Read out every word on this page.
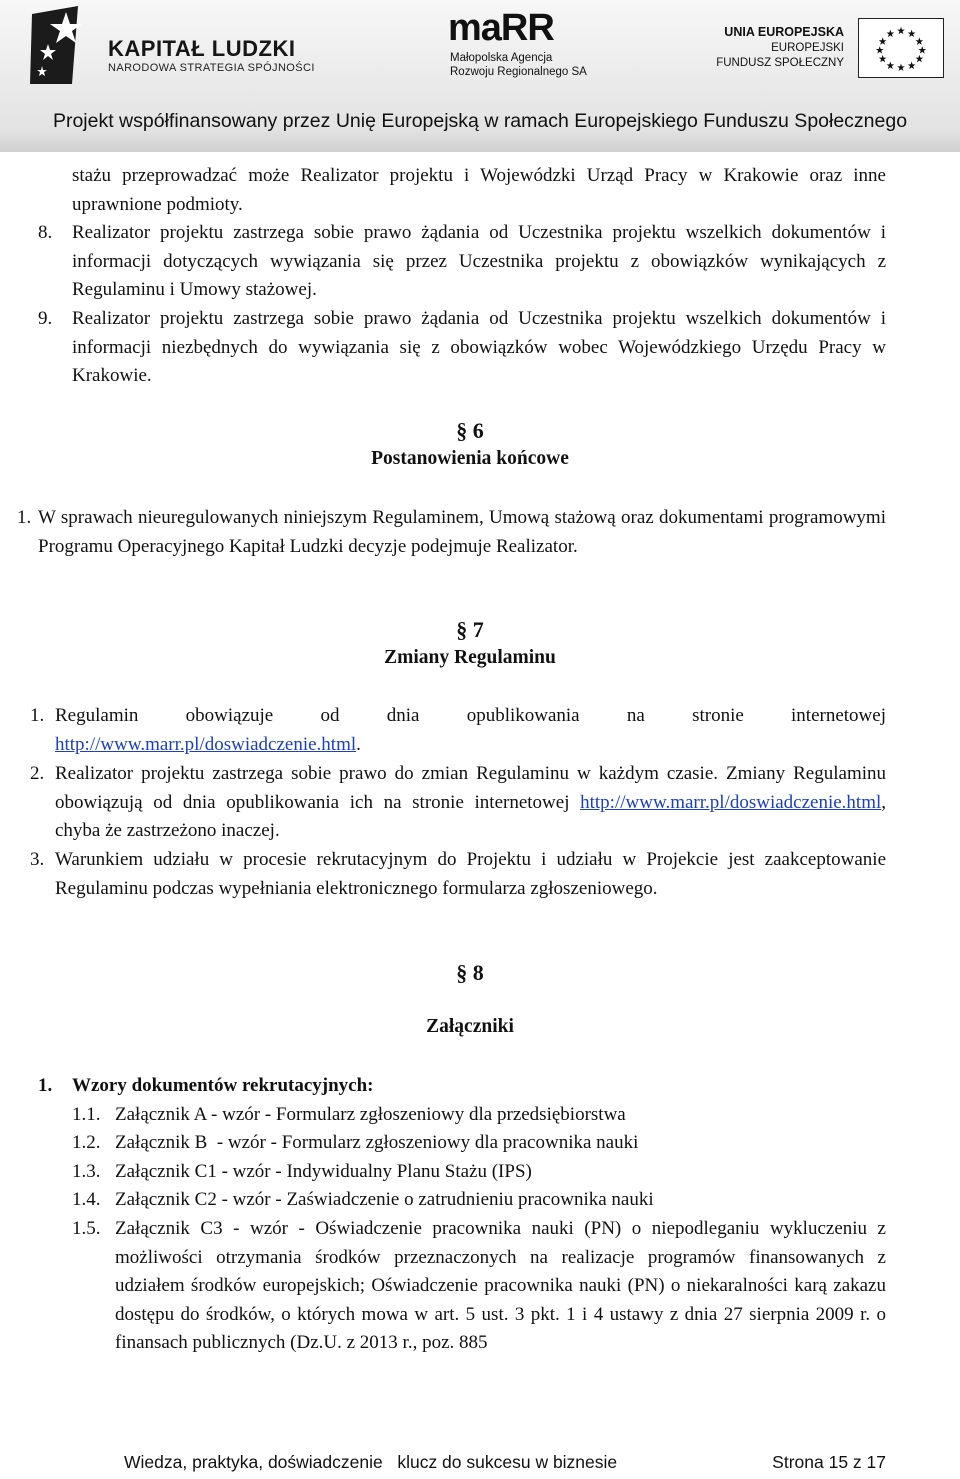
KAPITAŁ LUDZKI
NARODOWA STRATEGIA SPÓJNOŚCI
maRR
Małopolska Agencja
Rozwoju Regionalnego SA
UNIA EUROPEJSKA
EUROPEJSKI
FUNDUSZ SPOŁECZNY
Projekt współfinansowany przez Unię Europejską w ramach Europejskiego Funduszu Społecznego
stażu przeprowadzać może Realizator projektu i Wojewódzki Urząd Pracy w Krakowie oraz inne uprawnione podmioty.
8. Realizator projektu zastrzega sobie prawo żądania od Uczestnika projektu wszelkich dokumentów i informacji dotyczących wywiązania się przez Uczestnika projektu z obowiązków wynikających z Regulaminu i Umowy stażowej.
9. Realizator projektu zastrzega sobie prawo żądania od Uczestnika projektu wszelkich dokumentów i informacji niezbędnych do wywiązania się z obowiązków wobec Wojewódzkiego Urzędu Pracy w Krakowie.
§ 6
Postanowienia końcowe
1. W sprawach nieuregulowanych niniejszym Regulaminem, Umową stażową oraz dokumentami programowymi Programu Operacyjnego Kapitał Ludzki decyzje podejmuje Realizator.
§ 7
Zmiany Regulaminu
1. Regulamin obowiązuje od dnia opublikowania na stronie internetowej
http://www.marr.pl/doswiadczenie.html.
2. Realizator projektu zastrzega sobie prawo do zmian Regulaminu w każdym czasie. Zmiany Regulaminu obowiązują od dnia opublikowania ich na stronie internetowej http://www.marr.pl/doswiadczenie.html, chyba że zastrzeżono inaczej.
3. Warunkiem udziału w procesie rekrutacyjnym do Projektu i udziału w Projekcie jest zaakceptowanie Regulaminu podczas wypełniania elektronicznego formularza zgłoszeniowego.
§ 8
Załączniki
1. Wzory dokumentów rekrutacyjnych:
1.1. Załącznik A - wzór - Formularz zgłoszeniowy dla przedsiębiorstwa
1.2. Załącznik B  - wzór - Formularz zgłoszeniowy dla pracownika nauki
1.3. Załącznik C1 - wzór - Indywidualny Planu Stażu (IPS)
1.4. Załącznik C2 - wzór - Zaświadczenie o zatrudnieniu pracownika nauki
1.5. Załącznik C3 - wzór - Oświadczenie pracownika nauki (PN) o niepodleganiu wykluczeniu z możliwości otrzymania środków przeznaczonych na realizacje programów finansowanych z udziałem środków europejskich; Oświadczenie pracownika nauki (PN) o niekaralności karą zakazu dostępu do środków, o których mowa w art. 5 ust. 3 pkt. 1 i 4 ustawy z dnia 27 sierpnia 2009 r. o finansach publicznych (Dz.U. z 2013 r., poz. 885
Wiedza, praktyka, doświadczenie   klucz do sukcesu w biznesie	Strona 15 z 17
